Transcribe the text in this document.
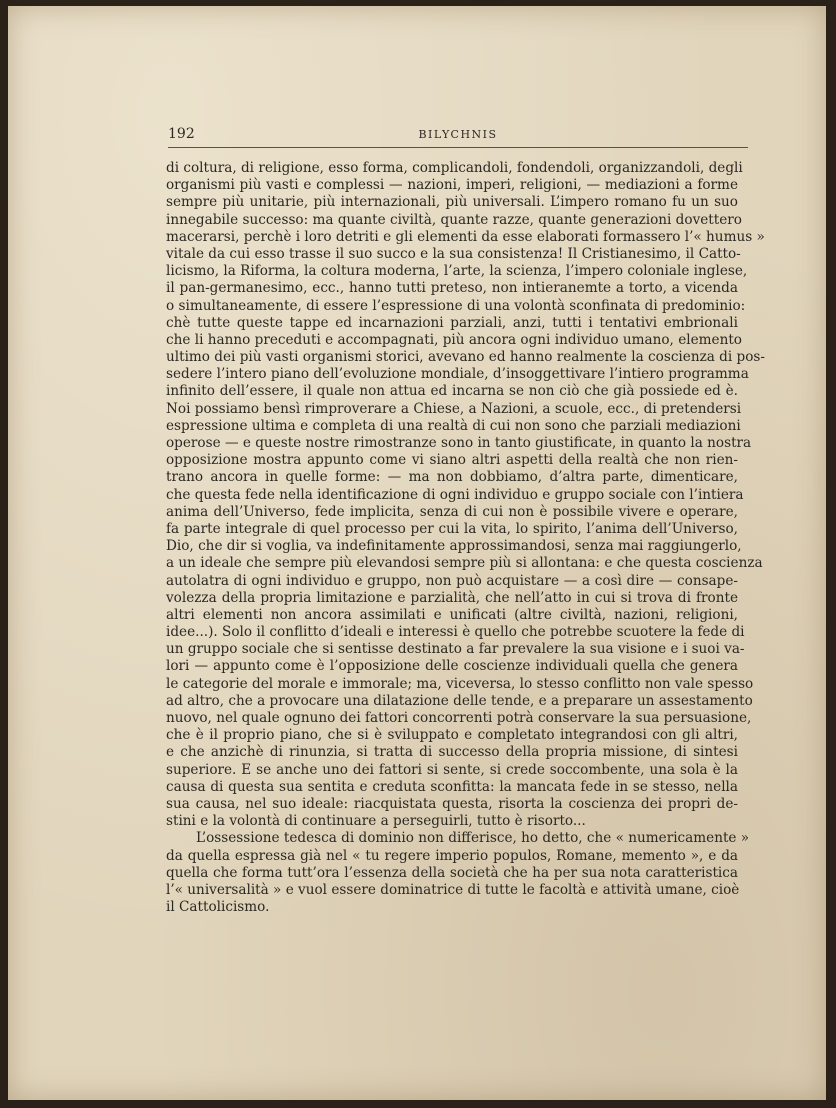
192	BILYCHNIS
di coltura, di religione, esso forma, complicandoli, fondendoli, organizzandoli, degli
organismi più vasti e complessi — nazioni, imperi, religioni, — mediazioni a forme
sempre più unitarie, più internazionali, più universali. L’impero romano fu un suo
innegabile successo: ma quante civiltà, quante razze, quante generazioni dovettero
macerarsi, perchè i loro detriti e gli elementi da esse elaborati formassero l’« humus »
vitale da cui esso trasse il suo succo e la sua consistenza! Il Cristianesimo, il Catto-
licismo, la Riforma, la coltura moderna, l’arte, la scienza, l’impero coloniale inglese,
il pan-germanesimo, ecc., hanno tutti preteso, non intieranemte a torto, a vicenda
o simultaneamente, di essere l’espressione di una volontà sconfinata di predominio:
chè tutte queste tappe ed incarnazioni parziali, anzi, tutti i tentativi embrionali
che li hanno preceduti e accompagnati, più ancora ogni individuo umano, elemento
ultimo dei più vasti organismi storici, avevano ed hanno realmente la coscienza di pos-
sedere l’intero piano dell’evoluzione mondiale, d’insoggettivare l’intiero programma
infinito dell’essere, il quale non attua ed incarna se non ciò che già possiede ed è.
Noi possiamo bensì rimproverare a Chiese, a Nazioni, a scuole, ecc., di pretendersi
espressione ultima e completa di una realtà di cui non sono che parziali mediazioni
operose — e queste nostre rimostranze sono in tanto giustificate, in quanto la nostra
opposizione mostra appunto come vi siano altri aspetti della realtà che non rien-
trano ancora in quelle forme: — ma non dobbiamo, d’altra parte, dimenticare,
che questa fede nella identificazione di ogni individuo e gruppo sociale con l’intiera
anima dell’Universo, fede implicita, senza di cui non è possibile vivere e operare,
fa parte integrale di quel processo per cui la vita, lo spirito, l’anima dell’Universo,
Dio, che dir si voglia, va indefinitamente approssimandosi, senza mai raggiungerlo,
a un ideale che sempre più elevandosi sempre più si allontana: e che questa coscienza
autolatra di ogni individuo e gruppo, non può acquistare — a così dire — consape-
volezza della propria limitazione e parzialità, che nell’atto in cui si trova di fronte
altri elementi non ancora assimilati e unificati (altre civiltà, nazioni, religioni,
idee...). Solo il conflitto d’ideali e interessi è quello che potrebbe scuotere la fede di
un gruppo sociale che si sentisse destinato a far prevalere la sua visione e i suoi va-
lori — appunto come è l’opposizione delle coscienze individuali quella che genera
le categorie del morale e immorale; ma, viceversa, lo stesso conflitto non vale spesso
ad altro, che a provocare una dilatazione delle tende, e a preparare un assestamento
nuovo, nel quale ognuno dei fattori concorrenti potrà conservare la sua persuasione,
che è il proprio piano, che si è sviluppato e completato integrandosi con gli altri,
e che anzichè di rinunzia, si tratta di successo della propria missione, di sintesi
superiore. E se anche uno dei fattori si sente, si crede soccombente, una sola è la
causa di questa sua sentita e creduta sconfitta: la mancata fede in se stesso, nella
sua causa, nel suo ideale: riacquistata questa, risorta la coscienza dei propri de-
stini e la volontà di continuare a perseguirli, tutto è risorto...
L’ossessione tedesca di dominio non differisce, ho detto, che « numericamente »
da quella espressa già nel « tu regere imperio populos, Romane, memento », e da
quella che forma tutt’ora l’essenza della società che ha per sua nota caratteristica
l’« universalità » e vuol essere dominatrice di tutte le facoltà e attività umane, cioè
il Cattolicismo.
